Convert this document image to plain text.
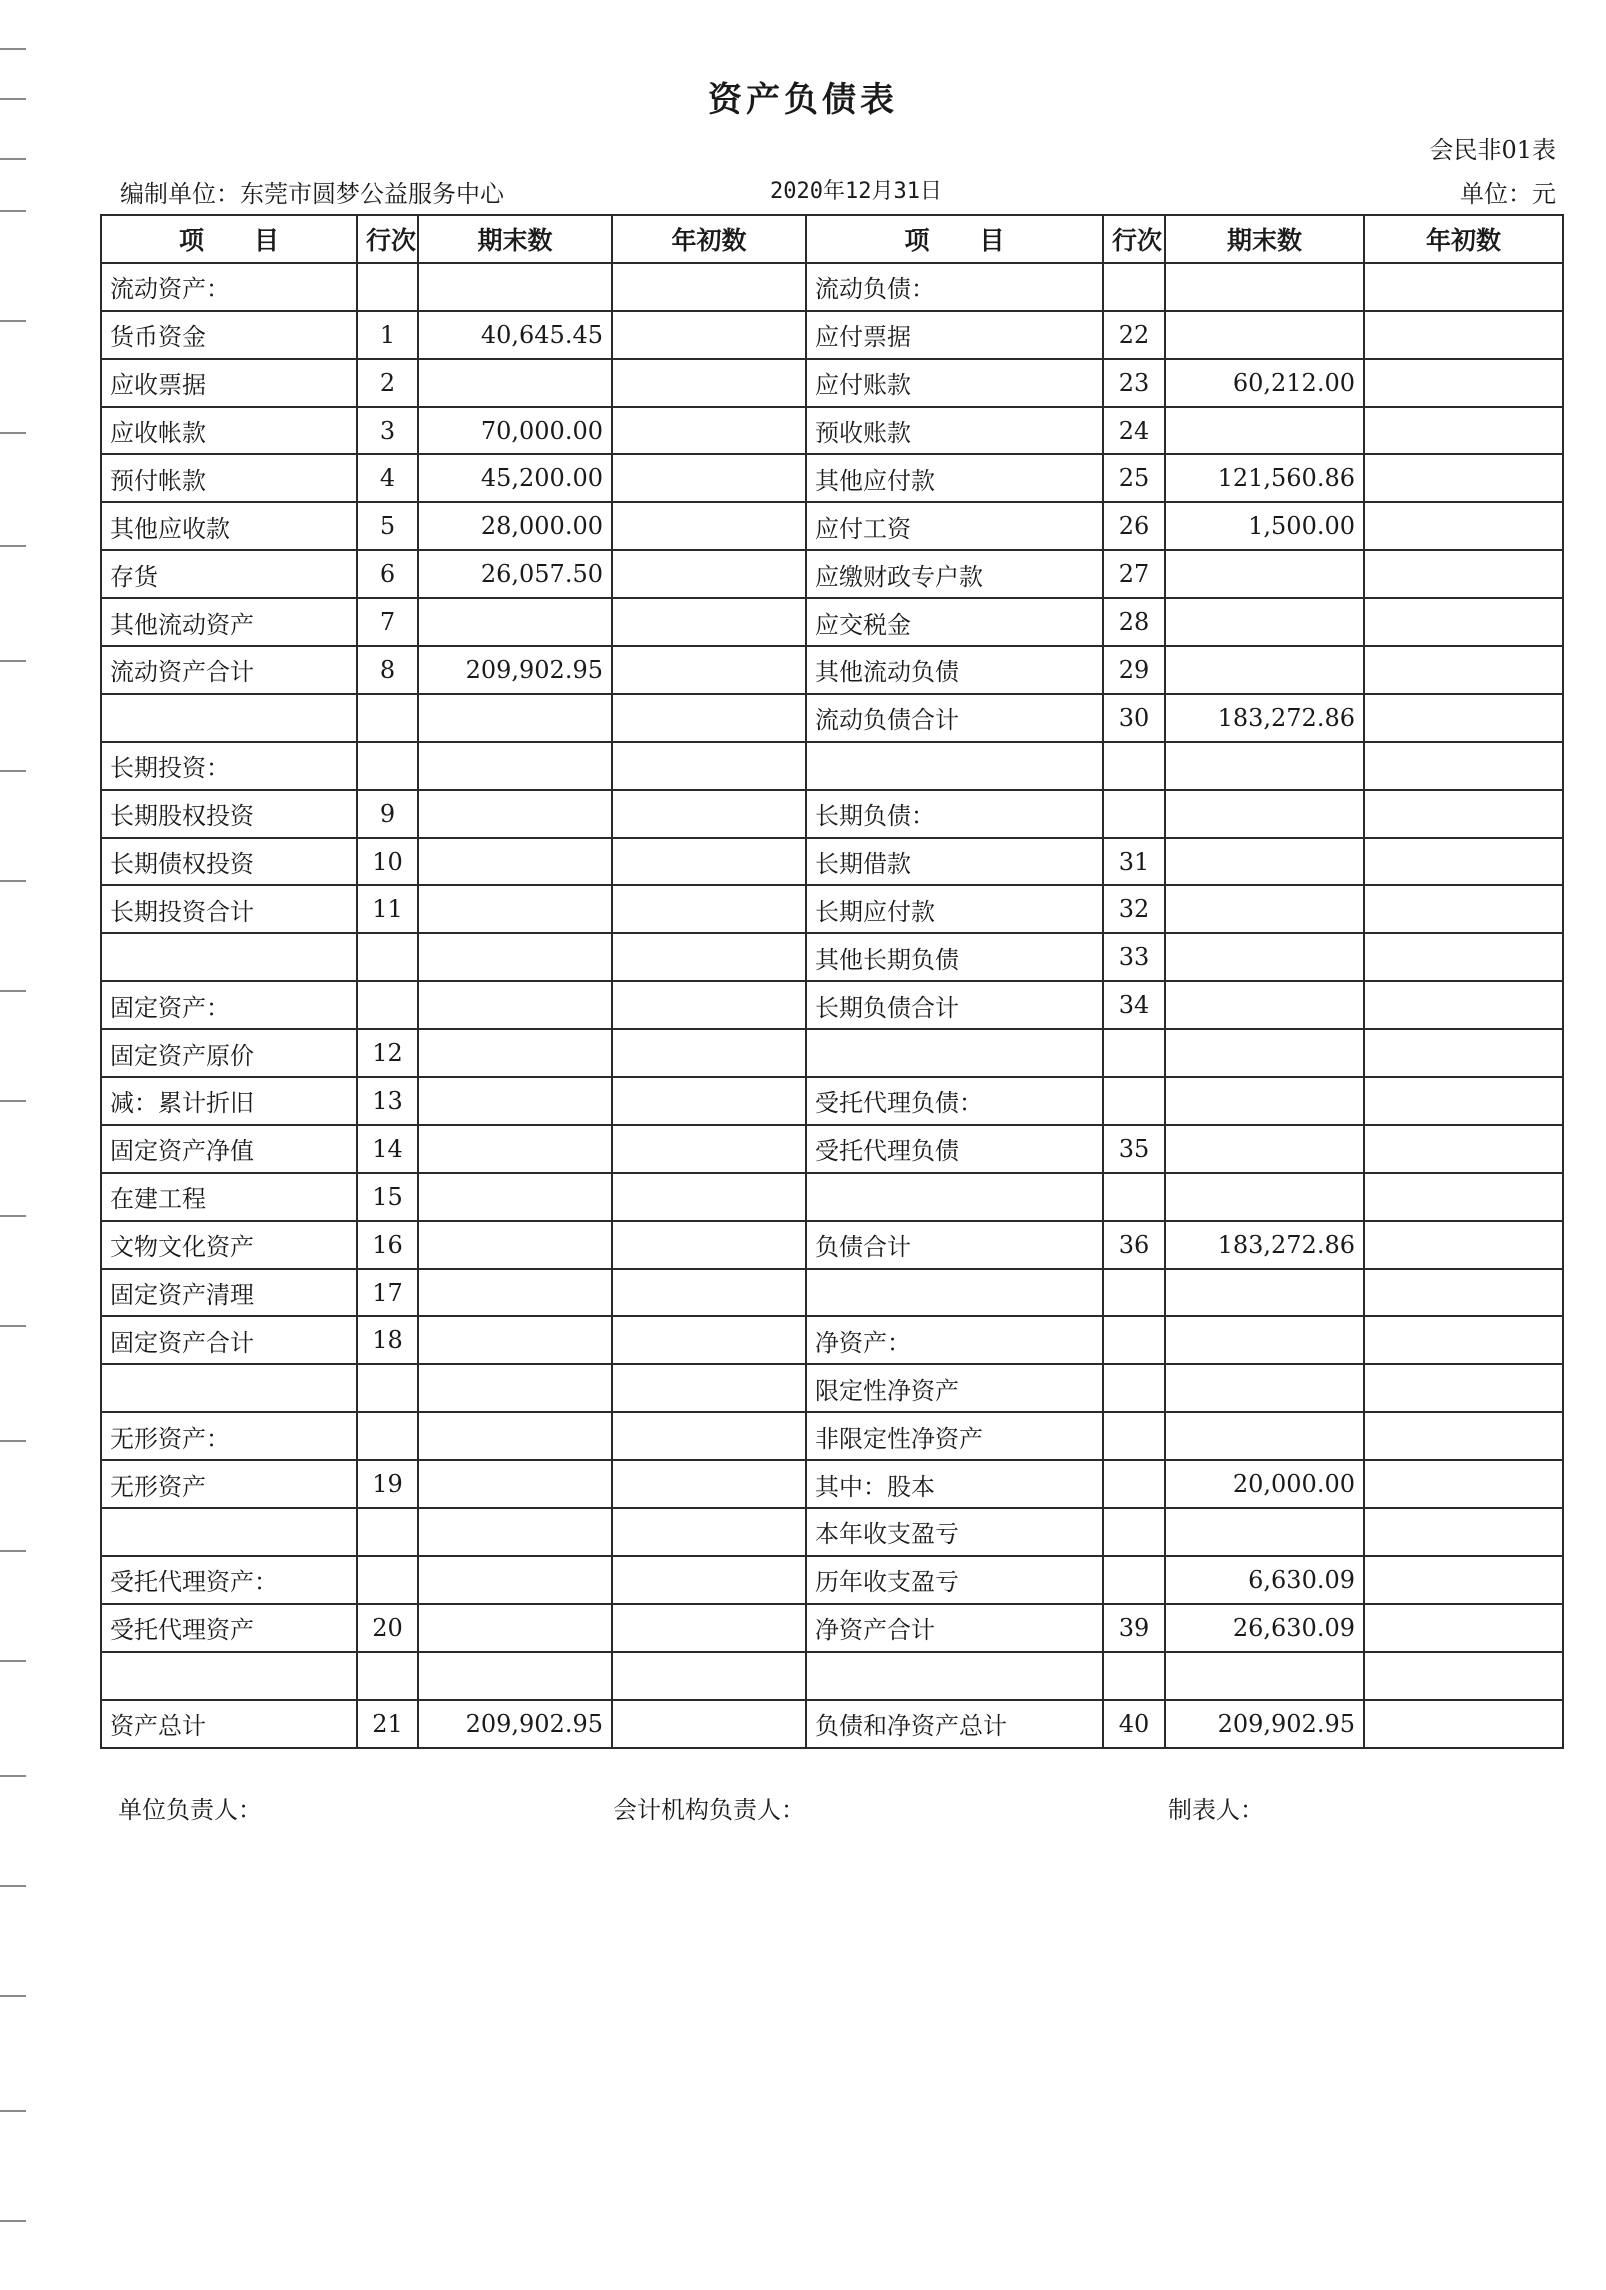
资产负债表
会民非01表
编制单位：东莞市圆梦公益服务中心	2020年12月31日	单位：元
项　　目	行次	期末数	年初数	项　　目	行次	期末数	年初数
流动资产：				流动负债：			
货币资金	1	40,645.45		应付票据	22		
应收票据	2			应付账款	23	60,212.00	
应收帐款	3	70,000.00		预收账款	24		
预付帐款	4	45,200.00		其他应付款	25	121,560.86	
其他应收款	5	28,000.00		应付工资	26	1,500.00	
存货	6	26,057.50		应缴财政专户款	27		
其他流动资产	7			应交税金	28		
流动资产合计	8	209,902.95		其他流动负债	29		
				流动负债合计	30	183,272.86	
长期投资：							
长期股权投资	9			长期负债：			
长期债权投资	10			长期借款	31		
长期投资合计	11			长期应付款	32		
				其他长期负债	33		
固定资产：				长期负债合计	34		
固定资产原价	12						
减：累计折旧	13			受托代理负债：			
固定资产净值	14			受托代理负债	35		
在建工程	15						
文物文化资产	16			负债合计	36	183,272.86	
固定资产清理	17						
固定资产合计	18			净资产：			
				限定性净资产			
无形资产：				非限定性净资产			
无形资产	19			其中：股本		20,000.00	
				本年收支盈亏			
受托代理资产：				历年收支盈亏		6,630.09	
受托代理资产	20			净资产合计	39	26,630.09	

资产总计	21	209,902.95		负债和净资产总计	40	209,902.95	
单位负责人：	会计机构负责人：	制表人：
